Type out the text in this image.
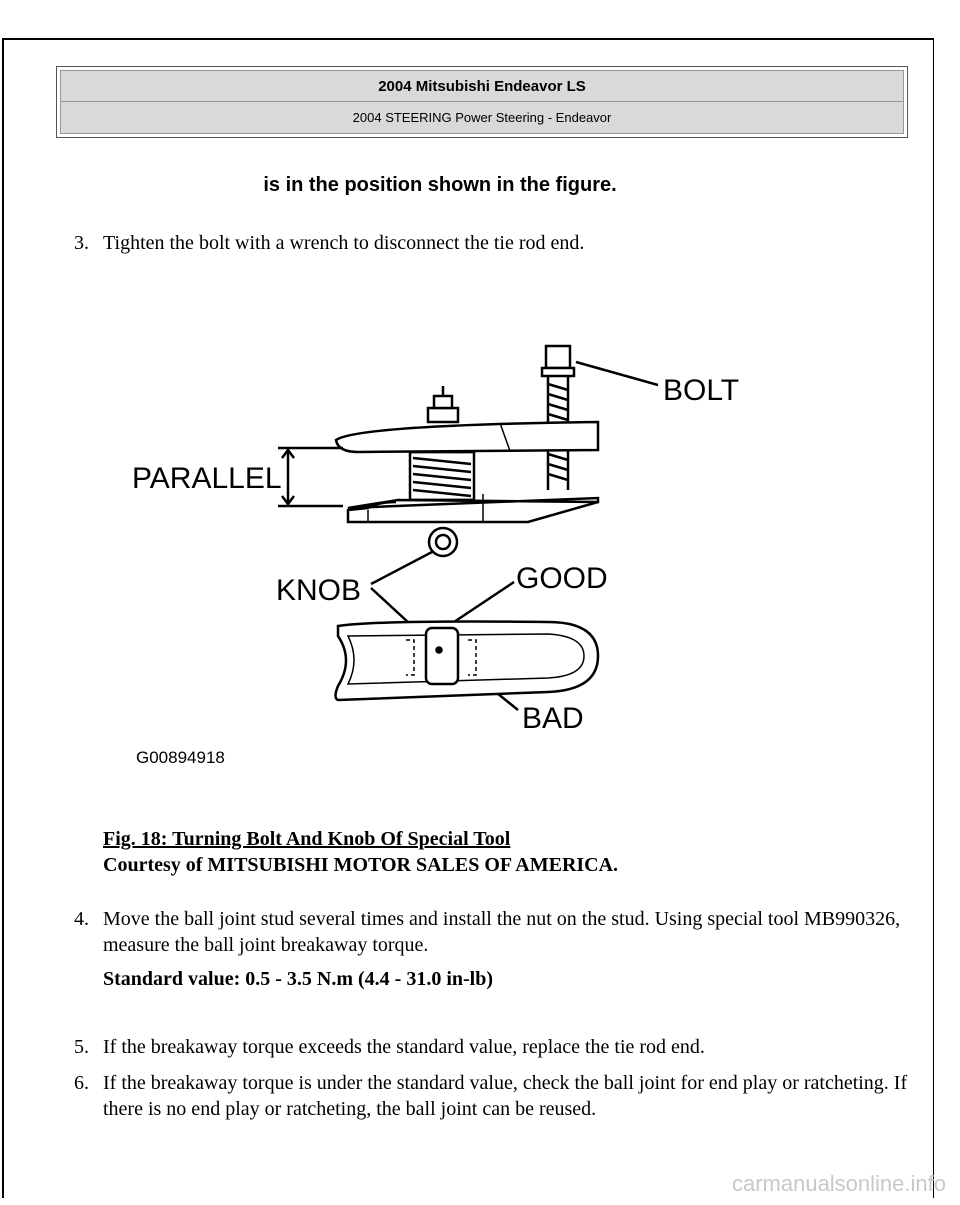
2004 Mitsubishi Endeavor LS
2004 STEERING Power Steering - Endeavor
is in the position shown in the figure.
3. Tighten the bolt with a wrench to disconnect the tie rod end.
BOLT
PARALLEL
KNOB	GOOD
BAD
G00894918
Fig. 18: Turning Bolt And Knob Of Special Tool
Courtesy of MITSUBISHI MOTOR SALES OF AMERICA.
4. Move the ball joint stud several times and install the nut on the stud. Using special tool MB990326, measure the ball joint breakaway torque.
Standard value: 0.5 - 3.5 N.m (4.4 - 31.0 in-lb)
5. If the breakaway torque exceeds the standard value, replace the tie rod end.
6. If the breakaway torque is under the standard value, check the ball joint for end play or ratcheting. If there is no end play or ratcheting, the ball joint can be reused.
carmanualsonline.info
